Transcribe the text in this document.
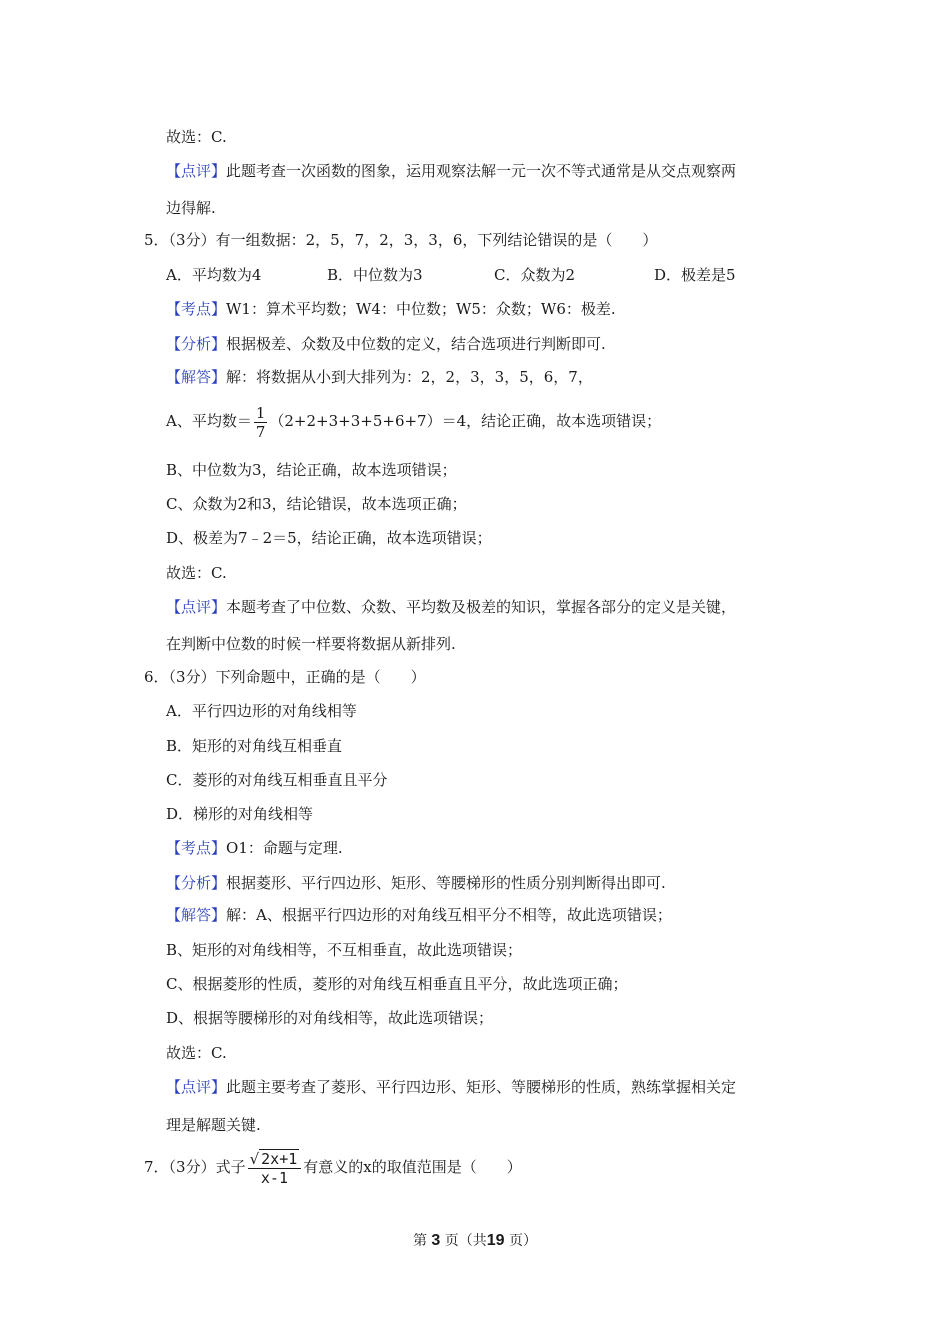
故选：C.
【点评】此题考查一次函数的图象，运用观察法解一元一次不等式通常是从交点观察两
边得解.
5．（3分）有一组数据：2，5，7，2，3，3，6，下列结论错误的是（　　）
A．平均数为4	B．中位数为3	C．众数为2	D．极差是5
【考点】W1：算术平均数；W4：中位数；W5：众数；W6：极差.
【分析】根据极差、众数及中位数的定义，结合选项进行判断即可.
【解答】解：将数据从小到大排列为：2，2，3，3，5，6，7，
A、平均数＝ $\frac{1}{7} (2+2+3+3+5+6+7)=4$，结论正确，故本选项错误；
B、中位数为3，结论正确，故本选项错误；
C、众数为2和3，结论错误，故本选项正确；
D、极差为7﹣2＝5，结论正确，故本选项错误；
故选：C.
【点评】本题考查了中位数、众数、平均数及极差的知识，掌握各部分的定义是关键，
在判断中位数的时候一样要将数据从新排列.
6．（3分）下列命题中，正确的是（　　）
A．平行四边形的对角线相等
B．矩形的对角线互相垂直
C．菱形的对角线互相垂直且平分
D．梯形的对角线相等
【考点】O1：命题与定理.
【分析】根据菱形、平行四边形、矩形、等腰梯形的性质分别判断得出即可.
【解答】解：A、根据平行四边形的对角线互相平分不相等，故此选项错误；
B、矩形的对角线相等，不互相垂直，故此选项错误；
C、根据菱形的性质，菱形的对角线互相垂直且平分，故此选项正确；
D、根据等腰梯形的对角线相等，故此选项错误；
故选：C.
【点评】此题主要考查了菱形、平行四边形、矩形、等腰梯形的性质，熟练掌握相关定
理是解题关键.
7．（3分）式子 $\frac{√ 2x+1}{x-1}$ 有意义的x的取值范围是（　　）
第 3 页（共19 页）
